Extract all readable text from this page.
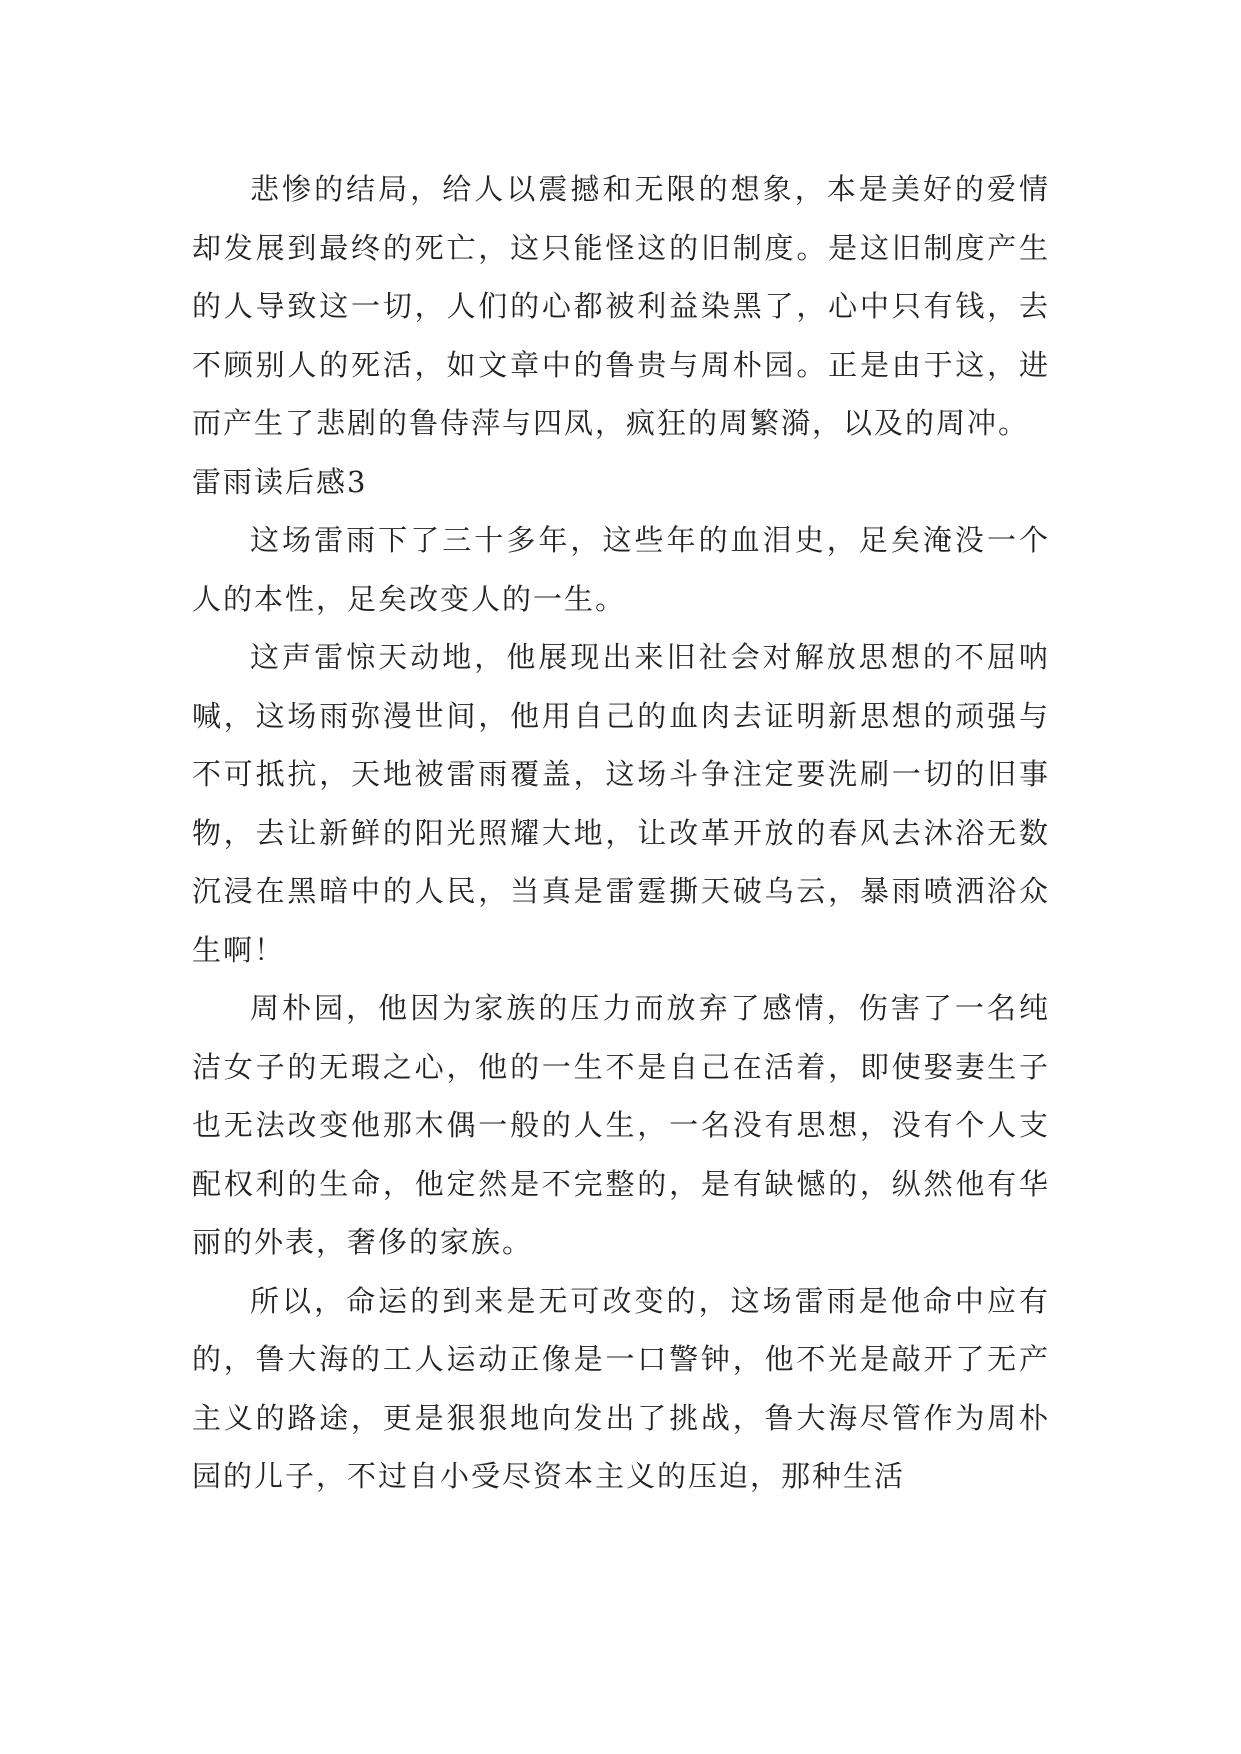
悲惨的结局，给人以震撼和无限的想象，本是美好的爱情却发展到最终的死亡，这只能怪这的旧制度。是这旧制度产生的人导致这一切，人们的心都被利益染黑了，心中只有钱，去不顾别人的死活，如文章中的鲁贵与周朴园。正是由于这，进而产生了悲剧的鲁侍萍与四凤，疯狂的周繁漪，以及的周冲。

雷雨读后感3

这场雷雨下了三十多年，这些年的血泪史，足矣淹没一个人的本性，足矣改变人的一生。

这声雷惊天动地，他展现出来旧社会对解放思想的不屈呐喊，这场雨弥漫世间，他用自己的血肉去证明新思想的顽强与不可抵抗，天地被雷雨覆盖，这场斗争注定要洗刷一切的旧事物，去让新鲜的阳光照耀大地，让改革开放的春风去沐浴无数沉浸在黑暗中的人民，当真是雷霆撕天破乌云，暴雨喷洒浴众生啊！

周朴园，他因为家族的压力而放弃了感情，伤害了一名纯洁女子的无瑕之心，他的一生不是自己在活着，即使娶妻生子也无法改变他那木偶一般的人生，一名没有思想，没有个人支配权利的生命，他定然是不完整的，是有缺憾的，纵然他有华丽的外表，奢侈的家族。

所以，命运的到来是无可改变的，这场雷雨是他命中应有的，鲁大海的工人运动正像是一口警钟，他不光是敲开了无产主义的路途，更是狠狠地向发出了挑战，鲁大海尽管作为周朴园的儿子，不过自小受尽资本主义的压迫，那种生活
